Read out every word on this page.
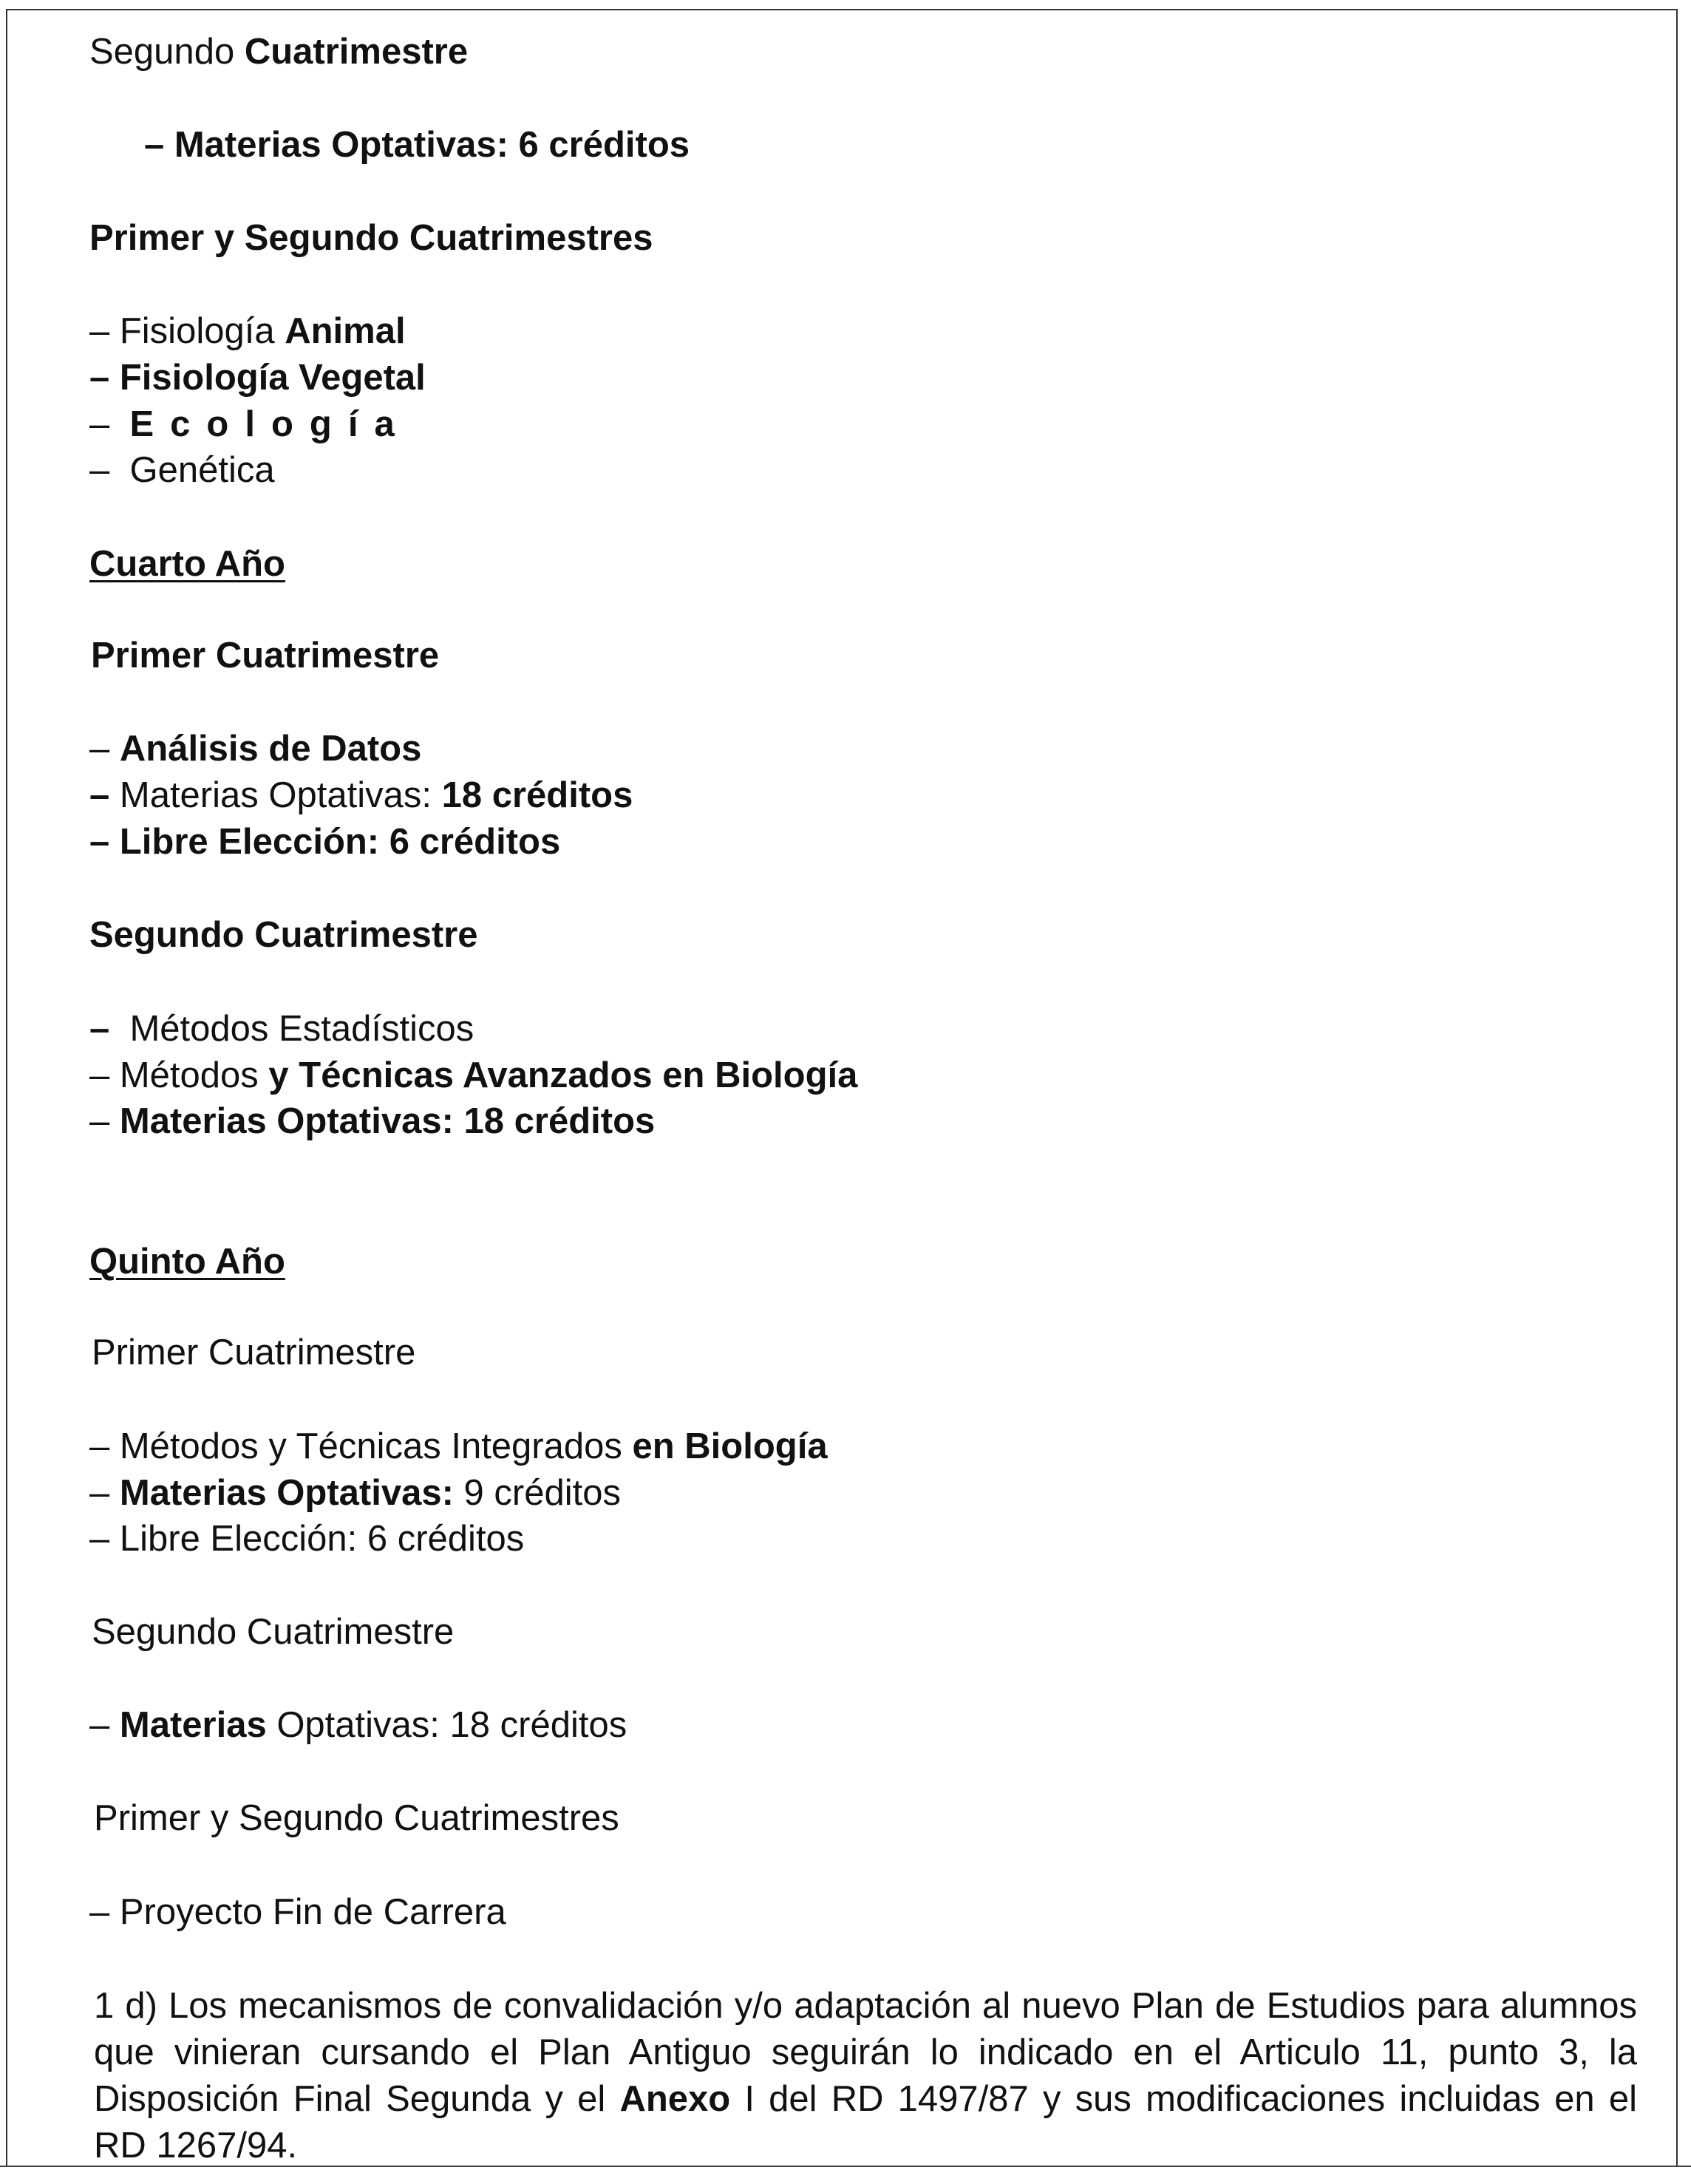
Segundo Cuatrimestre
– Materias Optativas: 6 créditos
Primer y Segundo Cuatrimestres
– Fisiología Animal
– Fisiología Vegetal
–  Ecología
–  Genética
Cuarto Año
Primer Cuatrimestre
– Análisis de Datos
– Materias Optativas: 18 créditos
– Libre Elección: 6 créditos
Segundo Cuatrimestre
–  Métodos Estadísticos
– Métodos y Técnicas Avanzados en Biología
– Materias Optativas: 18 créditos
Quinto Año
Primer Cuatrimestre
– Métodos y Técnicas Integrados en Biología
– Materias Optativas: 9 créditos
– Libre Elección: 6 créditos
Segundo Cuatrimestre
– Materias Optativas: 18 créditos
Primer y Segundo Cuatrimestres
– Proyecto Fin de Carrera
1 d) Los mecanismos de convalidación y/o adaptación al nuevo Plan de Estudios para alumnos que vinieran cursando el Plan Antiguo seguirán lo indicado en el Articulo 11, punto 3, la Disposición Final Segunda y el Anexo I del RD 1497/87 y sus modificaciones incluidas en el RD 1267/94.
